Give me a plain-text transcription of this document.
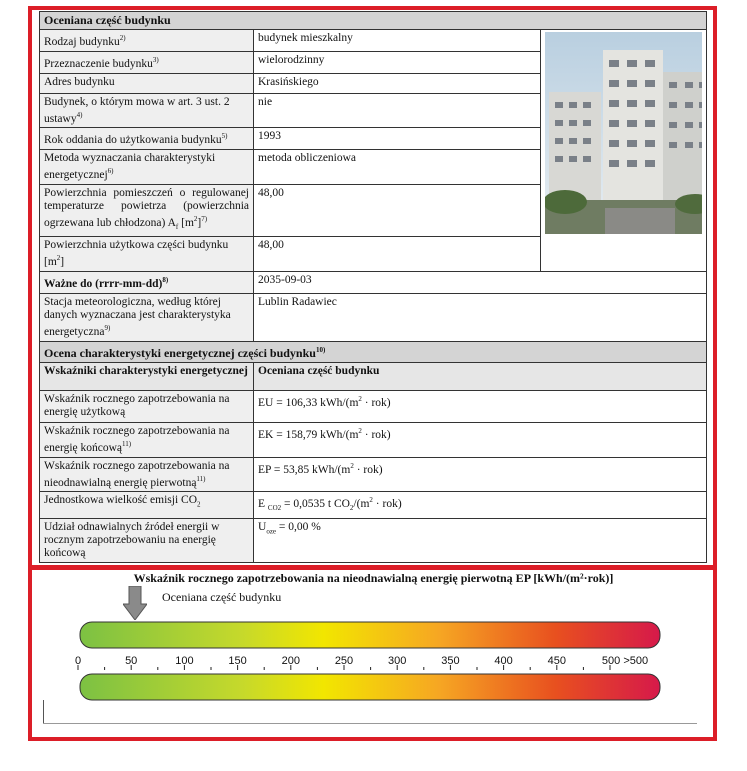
Oceniana część budynku		
Rodzaj budynku$^{2)}$	budynek mieszkalny	

Przeznaczenie budynku$^{3)}$	wielorodzinny	
Adres budynku	Krasińskiego	
Budynek, o którym mowa w art. 3 ust. 2 ustawy$^{4)}$	nie	
Rok oddania do użytkowania budynku$^{5)}$	1993	
Metoda wyznaczania charakterystyki energetycznej$^{6)}$	metoda obliczeniowa	
Powierzchnia pomieszczeń o regulowanej temperaturze powietrza (powierzchnia ogrzewana lub chłodzona) $A_f$ $[m^2]^{7)}$	48,00	
Powierzchnia użytkowa części budynku $[m^2]$	48,00	
Ważne do (rrrr-mm-dd)$^{8)}$	2035-09-03	
Stacja meteorologiczna, według której danych wyznaczana jest charakterystyka energetyczna$^{9)}$	Lublin Radawiec	
Ocena charakterystyki energetycznej części budynku$^{10)}$
Wskaźniki charakterystyki energetycznej	Oceniana część budynku	
Wskaźnik rocznego zapotrzebowania na energię użytkową	EU = 106,33 kWh/$(m^2 \cdot rok)$	
Wskaźnik rocznego zapotrzebowania na energię końcową$^{11)}$	EK = 158,79 kWh/$(m^2 \cdot rok)$	
Wskaźnik rocznego zapotrzebowania na nieodnawialną energię pierwotną$^{11)}$	EP = 53,85 kWh/$(m^2 \cdot rok)$	
Jednostkowa wielkość emisji $CO_2$	E $_{CO2}$ = 0,0535 t $CO_2/(m^2 \cdot rok)$	
Udział odnawialnych źródeł energii w rocznym zapotrzebowaniu na energię końcową	$U_{oze} = 0,00$ %	
Wskaźnik rocznego zapotrzebowania na nieodnawialną energię pierwotną EP [kWh/(m²·rok)]
Oceniana część budynku
0	50	100	150	200	250	300	350	400	450	500 >500
